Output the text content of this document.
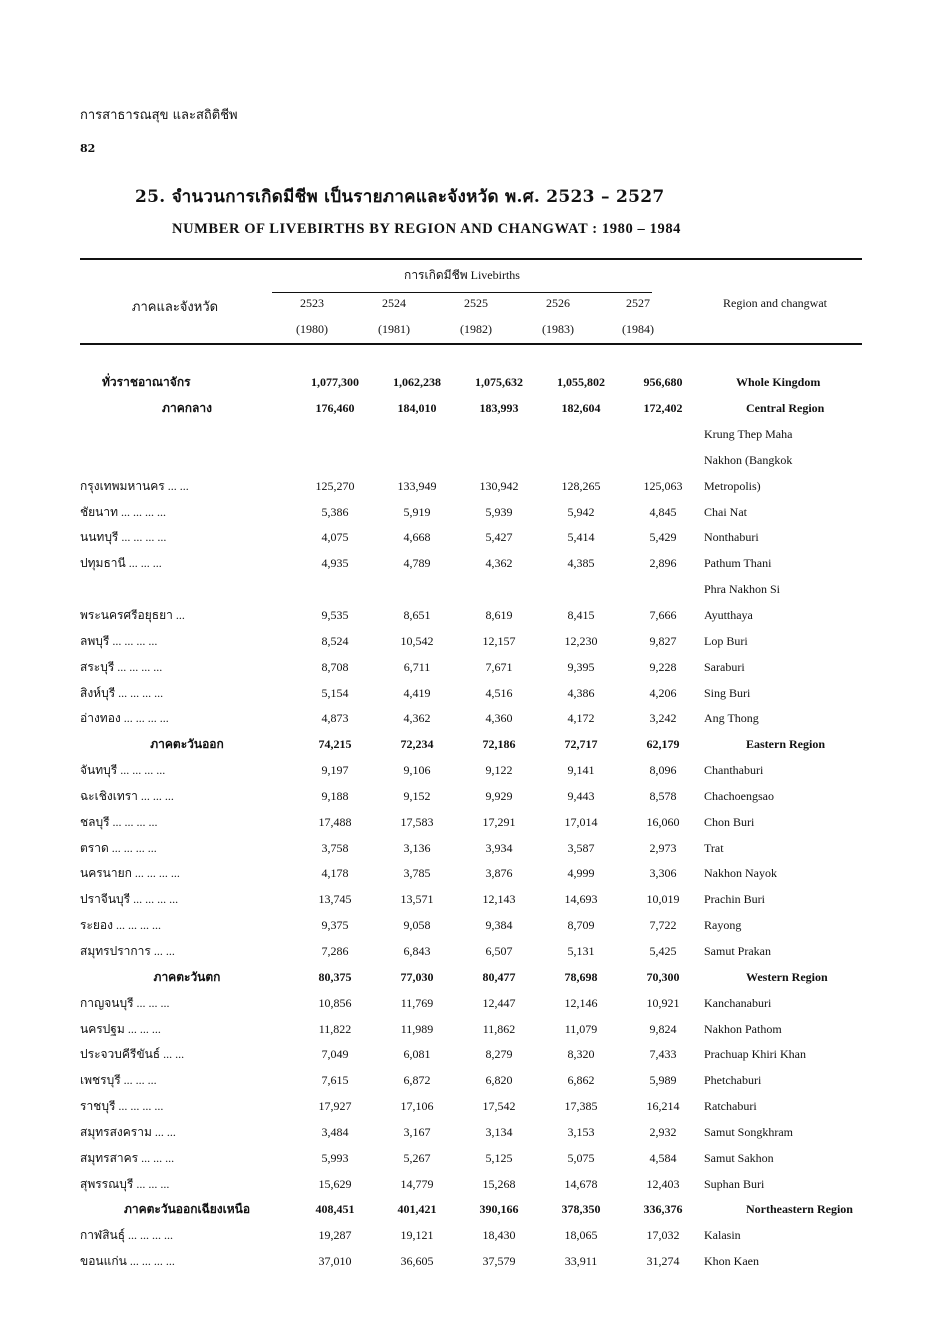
การสาธารณสุข และสถิติชีพ
82
25. จำนวนการเกิดมีชีพ เป็นรายภาคและจังหวัด พ.ศ. 2523 – 2527
NUMBER OF LIVEBIRTHS BY REGION AND CHANGWAT : 1980 – 1984
การเกิดมีชีพ Livebirths
ภาคและจังหวัด	Region and changwat
2523	2524	2525	2526	2527
(1980)	(1981)	(1982)	(1983)	(1984)
ทั่วราชอาณาจักร	1,077,300	1,062,238	1,075,632	1,055,802	956,680	Whole Kingdom
ภาคกลาง	176,460	184,010	183,993	182,604	172,402	Central Region
						Krung Thep Maha
						Nakhon (Bangkok
กรุงเทพมหานคร ... ...	125,270	133,949	130,942	128,265	125,063	Metropolis)
ชัยนาท ... ... ... ...	5,386	5,919	5,939	5,942	4,845	Chai Nat
นนทบุรี ... ... ... ...	4,075	4,668	5,427	5,414	5,429	Nonthaburi
ปทุมธานี ... ... ...	4,935	4,789	4,362	4,385	2,896	Pathum Thani
						Phra Nakhon Si
พระนครศรีอยุธยา ...	9,535	8,651	8,619	8,415	7,666	Ayutthaya
ลพบุรี ... ... ... ...	8,524	10,542	12,157	12,230	9,827	Lop Buri
สระบุรี ... ... ... ...	8,708	6,711	7,671	9,395	9,228	Saraburi
สิงห์บุรี ... ... ... ...	5,154	4,419	4,516	4,386	4,206	Sing Buri
อ่างทอง ... ... ... ...	4,873	4,362	4,360	4,172	3,242	Ang Thong
ภาคตะวันออก	74,215	72,234	72,186	72,717	62,179	Eastern Region
จันทบุรี ... ... ... ...	9,197	9,106	9,122	9,141	8,096	Chanthaburi
ฉะเชิงเทรา ... ... ...	9,188	9,152	9,929	9,443	8,578	Chachoengsao
ชลบุรี ... ... ... ...	17,488	17,583	17,291	17,014	16,060	Chon Buri
ตราด ... ... ... ...	3,758	3,136	3,934	3,587	2,973	Trat
นครนายก ... ... ... ...	4,178	3,785	3,876	4,999	3,306	Nakhon Nayok
ปราจีนบุรี ... ... ... ...	13,745	13,571	12,143	14,693	10,019	Prachin Buri
ระยอง ... ... ... ...	9,375	9,058	9,384	8,709	7,722	Rayong
สมุทรปราการ ... ...	7,286	6,843	6,507	5,131	5,425	Samut Prakan
ภาคตะวันตก	80,375	77,030	80,477	78,698	70,300	Western Region
กาญจนบุรี ... ... ...	10,856	11,769	12,447	12,146	10,921	Kanchanaburi
นครปฐม ... ... ...	11,822	11,989	11,862	11,079	9,824	Nakhon Pathom
ประจวบคีรีขันธ์ ... ...	7,049	6,081	8,279	8,320	7,433	Prachuap Khiri Khan
เพชรบุรี ... ... ...	7,615	6,872	6,820	6,862	5,989	Phetchaburi
ราชบุรี ... ... ... ...	17,927	17,106	17,542	17,385	16,214	Ratchaburi
สมุทรสงคราม ... ...	3,484	3,167	3,134	3,153	2,932	Samut Songkhram
สมุทรสาคร ... ... ...	5,993	5,267	5,125	5,075	4,584	Samut Sakhon
สุพรรณบุรี ... ... ...	15,629	14,779	15,268	14,678	12,403	Suphan Buri
ภาคตะวันออกเฉียงเหนือ	408,451	401,421	390,166	378,350	336,376	Northeastern Region
กาฬสินธุ์ ... ... ... ...	19,287	19,121	18,430	18,065	17,032	Kalasin
ขอนแก่น ... ... ... ...	37,010	36,605	37,579	33,911	31,274	Khon Kaen
